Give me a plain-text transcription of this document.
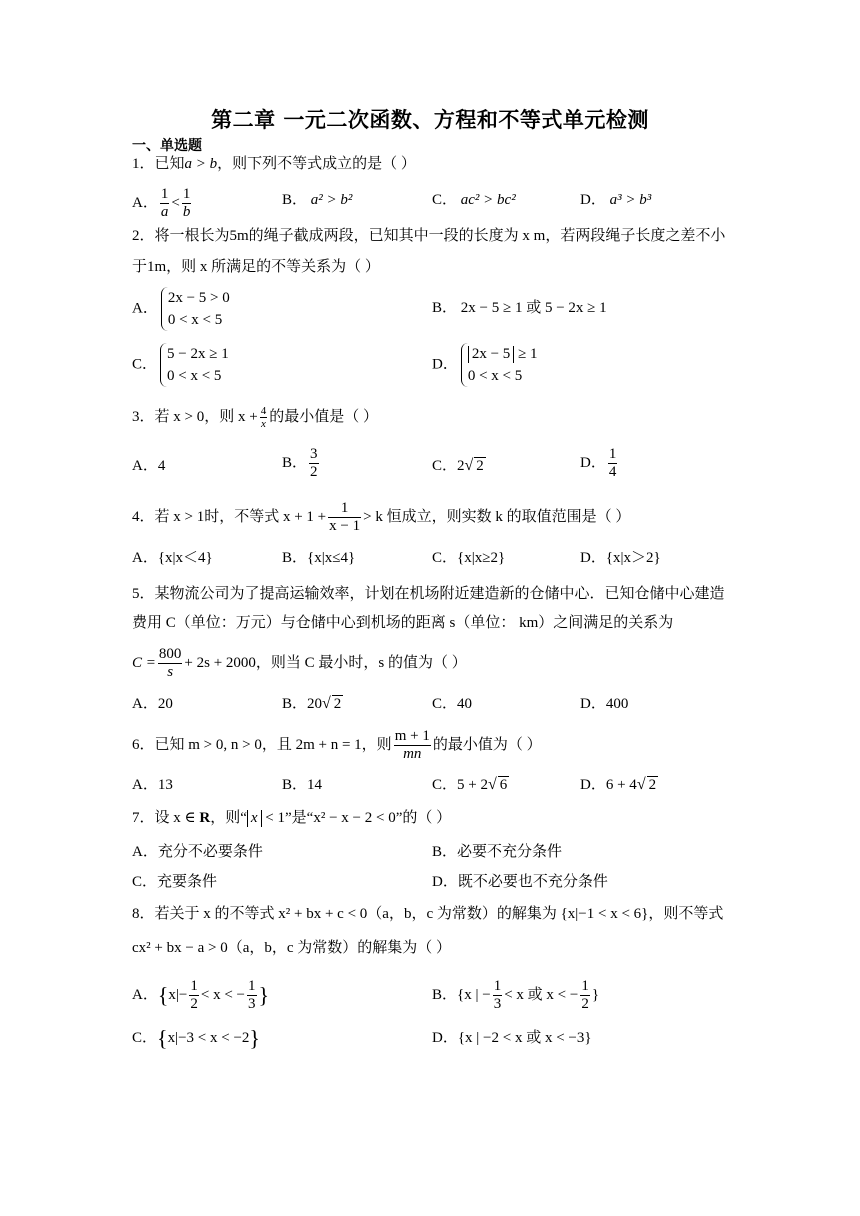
第二章 一元二次函数、方程和不等式单元检测
一、单选题
1．已知a > b，则下列不等式成立的是（ ）
A． $\frac{1}{a} < \frac{1}{b}$	B． a² > b²	C． ac² > bc²	D． a³ > b³
2．将一根长为5m的绳子截成两段，已知其中一段的长度为 x m，若两段绳子长度之差不小
于1m，则 x 所满足的不等关系为（ ）
A．
2x − 5 > 0
0 < x < 5
B． 2x − 5 ≥ 1 或 5 − 2x ≥ 1
C．
5 − 2x ≥ 1
0 < x < 5
D．
2x − 5 ≥ 1
0 < x < 5
3．若 x > 0，则 $x + \frac{4}{x}$ 的最小值是（ ）
A．4	B． $\frac{3}{2}$	C．2√ 2	D． $\frac{1}{4}$
4．若 x > 1时，不等式 $x + 1 + \frac{1}{x - 1} > k$ 恒成立，则实数 k 的取值范围是（ ）
A．{x|x＜4}	B．{x|x≤4}	C．{x|x≥2}	D．{x|x＞2}
5．某物流公司为了提高运输效率，计划在机场附近建造新的仓储中心．已知仓储中心建造
费用 C（单位：万元）与仓储中心到机场的距离 s（单位： km）之间满足的关系为
$C = \frac{800}{s} + 2s + 2000$，则当 C 最小时，s 的值为（ ）
A．20	B．20√ 2	C．40	D．400
6．已知 m > 0, n > 0，且 2m + n = 1，则 $\frac{m + 1}{mn}$ 的最小值为（ ）
A．13	B．14	C．5 + 2√ 6	D．6 + 4√ 2
7．设 x ∈ R，则“ x < 1”是“x² − x − 2 < 0”的（ ）
A．充分不必要条件	B．必要不充分条件
C．充要条件	D．既不必要也不充分条件
8．若关于 x 的不等式 x² + bx + c < 0（a，b，c 为常数）的解集为 {x|−1 < x < 6}，则不等式
cx² + bx − a > 0（a，b，c 为常数）的解集为（ ）
A．{$x|- \frac{1}{2} < x$ < − $\frac{1}{3}$ }	B．{x | − $\frac{1}{3} < x$ 或 x < − $\frac{1}{2}$ }
C．{x|−3 < x < −2}	D．{x | −2 < x 或 x < −3}
